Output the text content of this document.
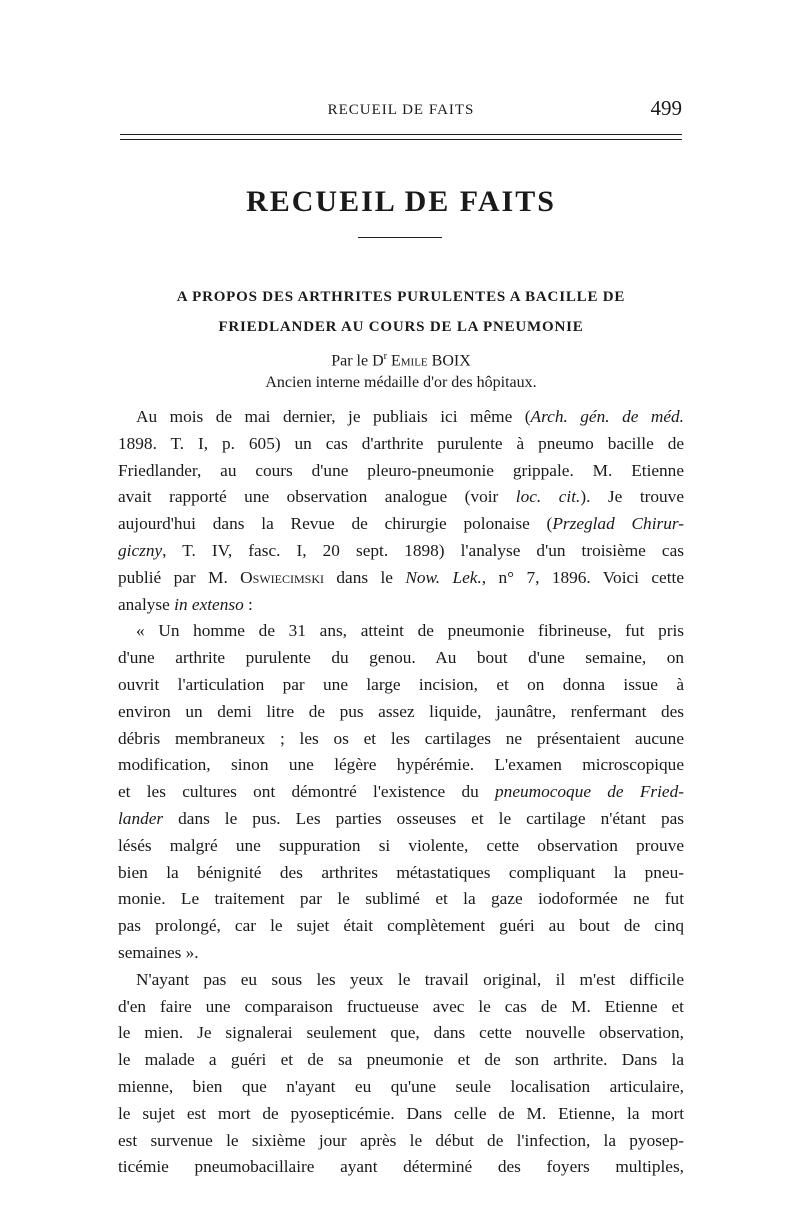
RECUEIL DE FAITS	499
RECUEIL DE FAITS
A PROPOS DES ARTHRITES PURULENTES A BACILLE DE
FRIEDLANDER AU COURS DE LA PNEUMONIE
Par le $D^r$ Emile BOIX
Ancien interne médaille d'or des hôpitaux.
Au mois de mai dernier, je publiais ici même (Arch. gén. de méd.
1898. T. I, p. 605) un cas d'arthrite purulente à pneumo bacille de
Friedlander, au cours d'une pleuro-pneumonie grippale. M. Etienne
avait rapporté une observation analogue (voir loc. cit.). Je trouve
aujourd'hui dans la Revue de chirurgie polonaise (Przeglad Chirur-
giczny, T. IV, fasc. I, 20 sept. 1898) l'analyse d'un troisième cas
publié par M. Oswiecimski dans le Now. Lek., n° 7, 1896. Voici cette
analyse in extenso :
« Un homme de 31 ans, atteint de pneumonie fibrineuse, fut pris
d'une arthrite purulente du genou. Au bout d'une semaine, on
ouvrit l'articulation par une large incision, et on donna issue à
environ un demi litre de pus assez liquide, jaunâtre, renfermant des
débris membraneux ; les os et les cartilages ne présentaient aucune
modification, sinon une légère hypérémie. L'examen microscopique
et les cultures ont démontré l'existence du pneumocoque de Fried-
lander dans le pus. Les parties osseuses et le cartilage n'étant pas
lésés malgré une suppuration si violente, cette observation prouve
bien la bénignité des arthrites métastatiques compliquant la pneu-
monie. Le traitement par le sublimé et la gaze iodoformée ne fut
pas prolongé, car le sujet était complètement guéri au bout de cinq
semaines ».
N'ayant pas eu sous les yeux le travail original, il m'est difficile
d'en faire une comparaison fructueuse avec le cas de M. Etienne et
le mien. Je signalerai seulement que, dans cette nouvelle observation,
le malade a guéri et de sa pneumonie et de son arthrite. Dans la
mienne, bien que n'ayant eu qu'une seule localisation articulaire,
le sujet est mort de pyosepticémie. Dans celle de M. Etienne, la mort
est survenue le sixième jour après le début de l'infection, la pyosep-
ticémie pneumobacillaire ayant déterminé des foyers multiples,
